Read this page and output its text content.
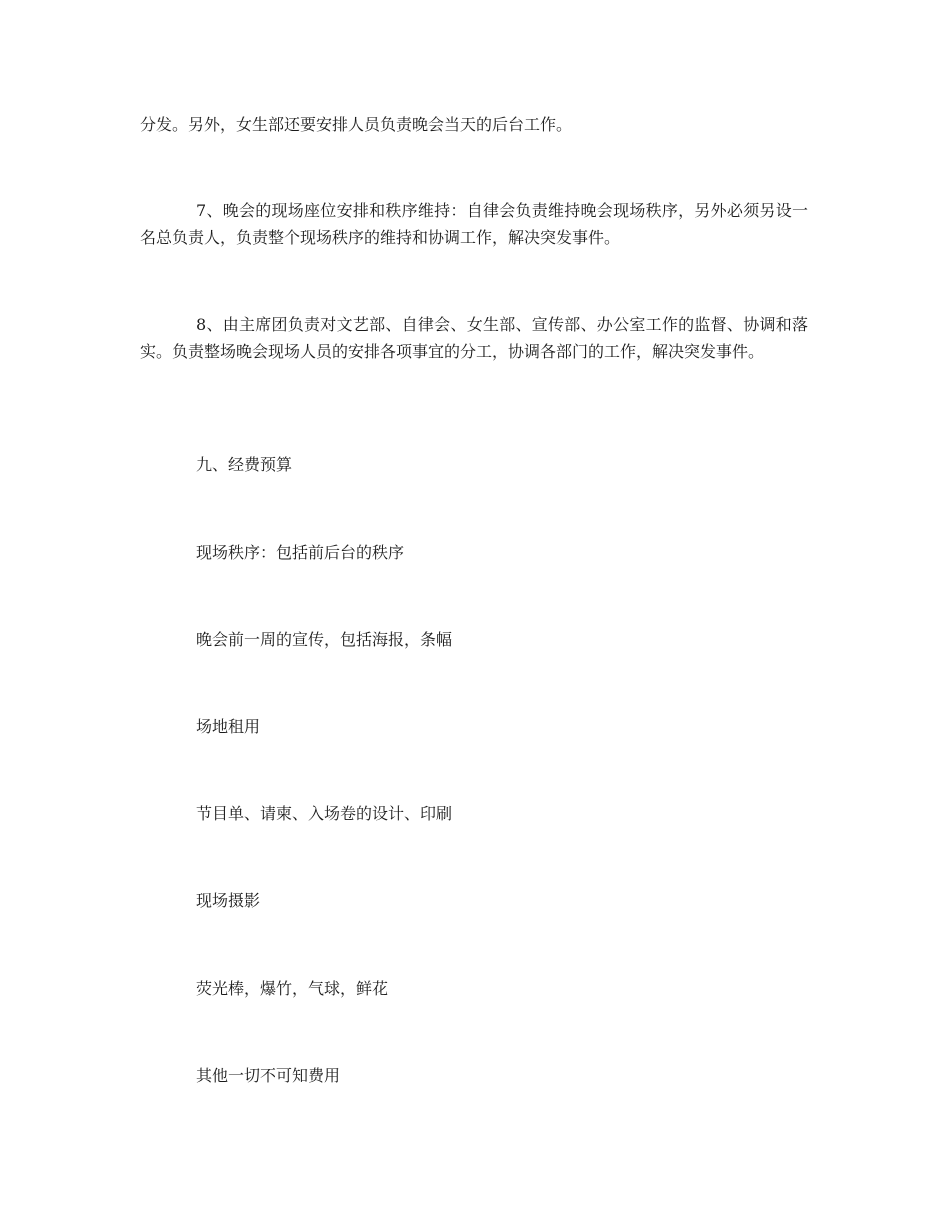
分发。另外，女生部还要安排人员负责晚会当天的后台工作。

7、晚会的现场座位安排和秩序维持：自律会负责维持晚会现场秩序，另外必须另设一名总负责人，负责整个现场秩序的维持和协调工作，解决突发事件。

8、由主席团负责对文艺部、自律会、女生部、宣传部、办公室工作的监督、协调和落实。负责整场晚会现场人员的安排各项事宜的分工，协调各部门的工作，解决突发事件。

九、经费预算

现场秩序：包括前后台的秩序

晚会前一周的宣传，包括海报，条幅

场地租用

节目单、请柬、入场卷的设计、印刷

现场摄影

荧光棒，爆竹，气球，鲜花

其他一切不可知费用
